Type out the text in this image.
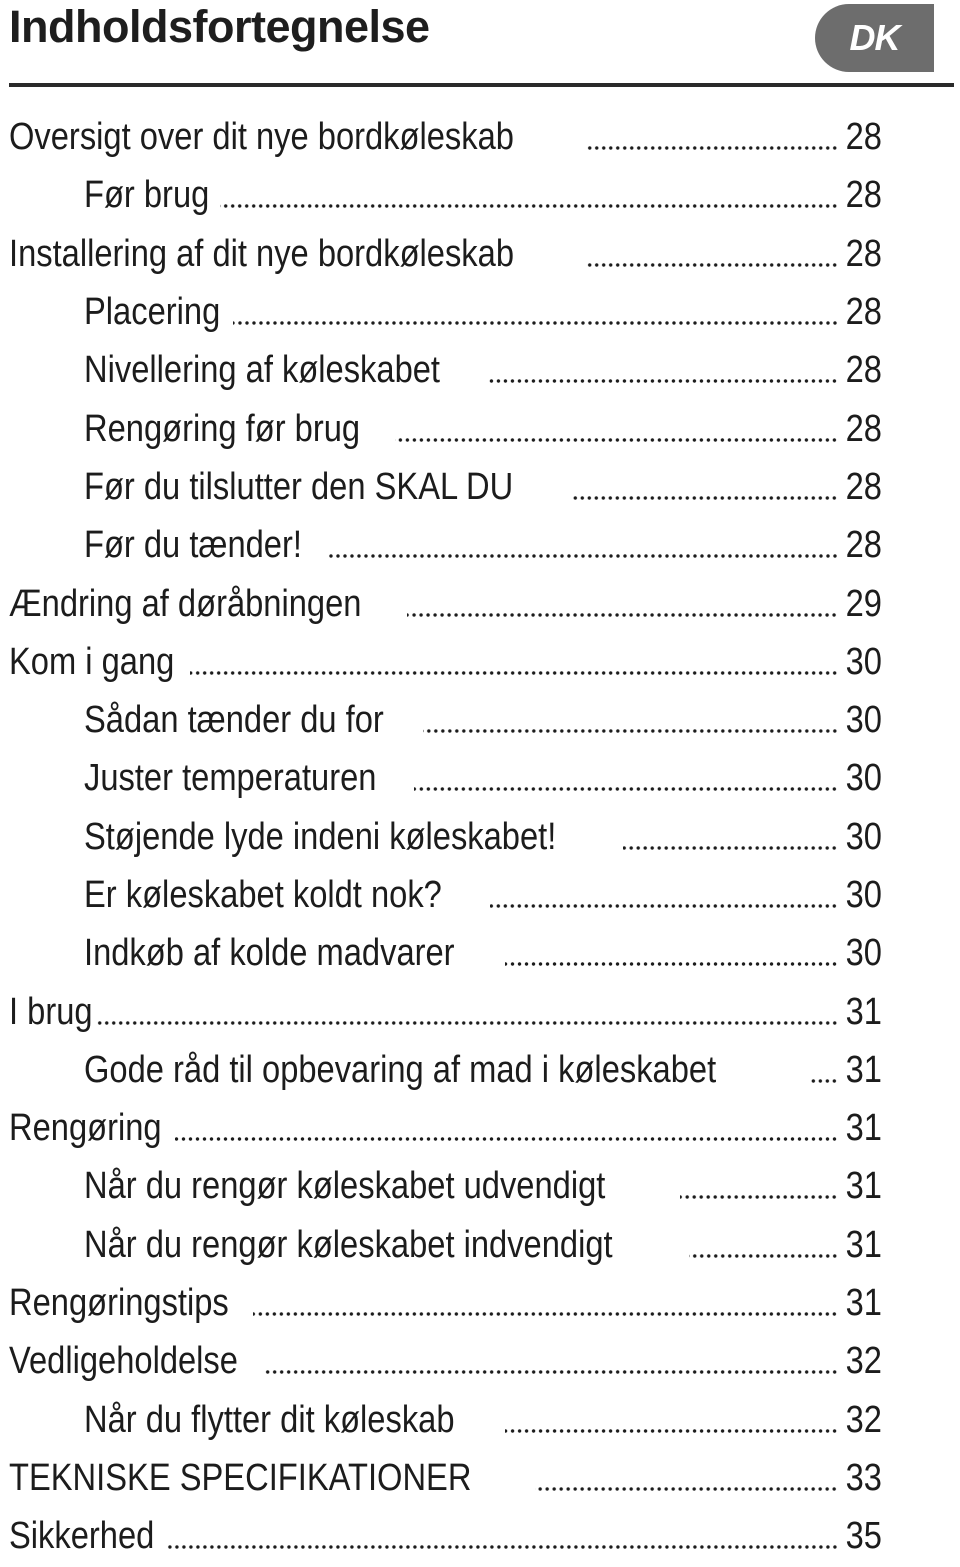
Indholdsfortegnelse	DK
Oversigt over dit nye bordkøleskab	28
Før brug	28
Installering af dit nye bordkøleskab	28
Placering	28
Nivellering af køleskabet	28
Rengøring før brug	28
Før du tilslutter den SKAL DU	28
Før du tænder!	28
Ændring af døråbningen	29
Kom i gang	30
Sådan tænder du for	30
Juster temperaturen	30
Støjende lyde indeni køleskabet!	30
Er køleskabet koldt nok?	30
Indkøb af kolde madvarer	30
I brug	31
Gode råd til opbevaring af mad i køleskabet	31
Rengøring	31
Når du rengør køleskabet udvendigt	31
Når du rengør køleskabet indvendigt	31
Rengøringstips	31
Vedligeholdelse	32
Når du flytter dit køleskab	32
TEKNISKE SPECIFIKATIONER	33
Sikkerhed	35
